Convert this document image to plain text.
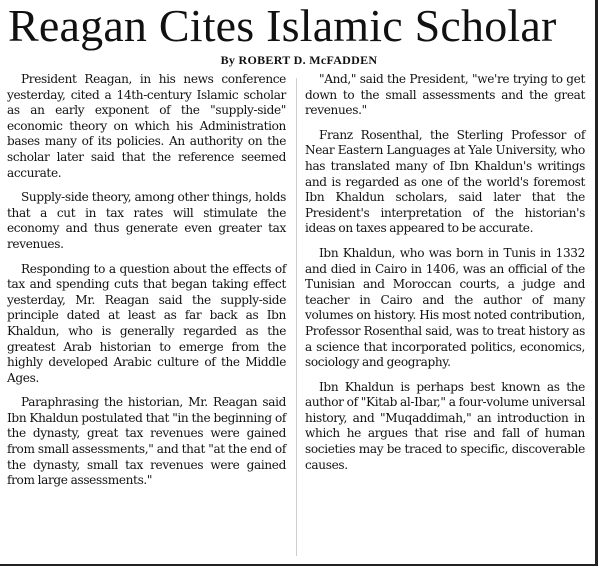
Reagan Cites Islamic Scholar
By ROBERT D. McFADDEN

President Reagan, in his news conference yesterday, cited a 14th-century Islamic scholar as an early exponent of the "supply-side" economic theory on which his Administration bases many of its policies. An authority on the scholar later said that the reference seemed accurate.

Supply-side theory, among other things, holds that a cut in tax rates will stimulate the economy and thus generate even greater tax revenues.

Responding to a question about the effects of tax and spending cuts that began taking effect yesterday, Mr. Reagan said the supply-side principle dated at least as far back as Ibn Khaldun, who is generally regarded as the greatest Arab historian to emerge from the highly developed Arabic culture of the Middle Ages.

Paraphrasing the historian, Mr. Reagan said Ibn Khaldun postulated that "in the beginning of the dynasty, great tax revenues were gained from small assessments," and that "at the end of the dynasty, small tax revenues were gained from large assessments."

"And," said the President, "we're trying to get down to the small assessments and the great revenues."

Franz Rosenthal, the Sterling Professor of Near Eastern Languages at Yale University, who has translated many of Ibn Khaldun's writings and is regarded as one of the world's foremost Ibn Khaldun scholars, said later that the President's interpretation of the historian's ideas on taxes appeared to be accurate.

Ibn Khaldun, who was born in Tunis in 1332 and died in Cairo in 1406, was an official of the Tunisian and Moroccan courts, a judge and teacher in Cairo and the author of many volumes on history. His most noted contribution, Professor Rosenthal said, was to treat history as a science that incorporated politics, economics, sociology and geography.

Ibn Khaldun is perhaps best known as the author of "Kitab al-Ibar," a four-volume universal history, and "Muqaddimah," an introduction in which he argues that rise and fall of human societies may be traced to specific, discoverable causes.
